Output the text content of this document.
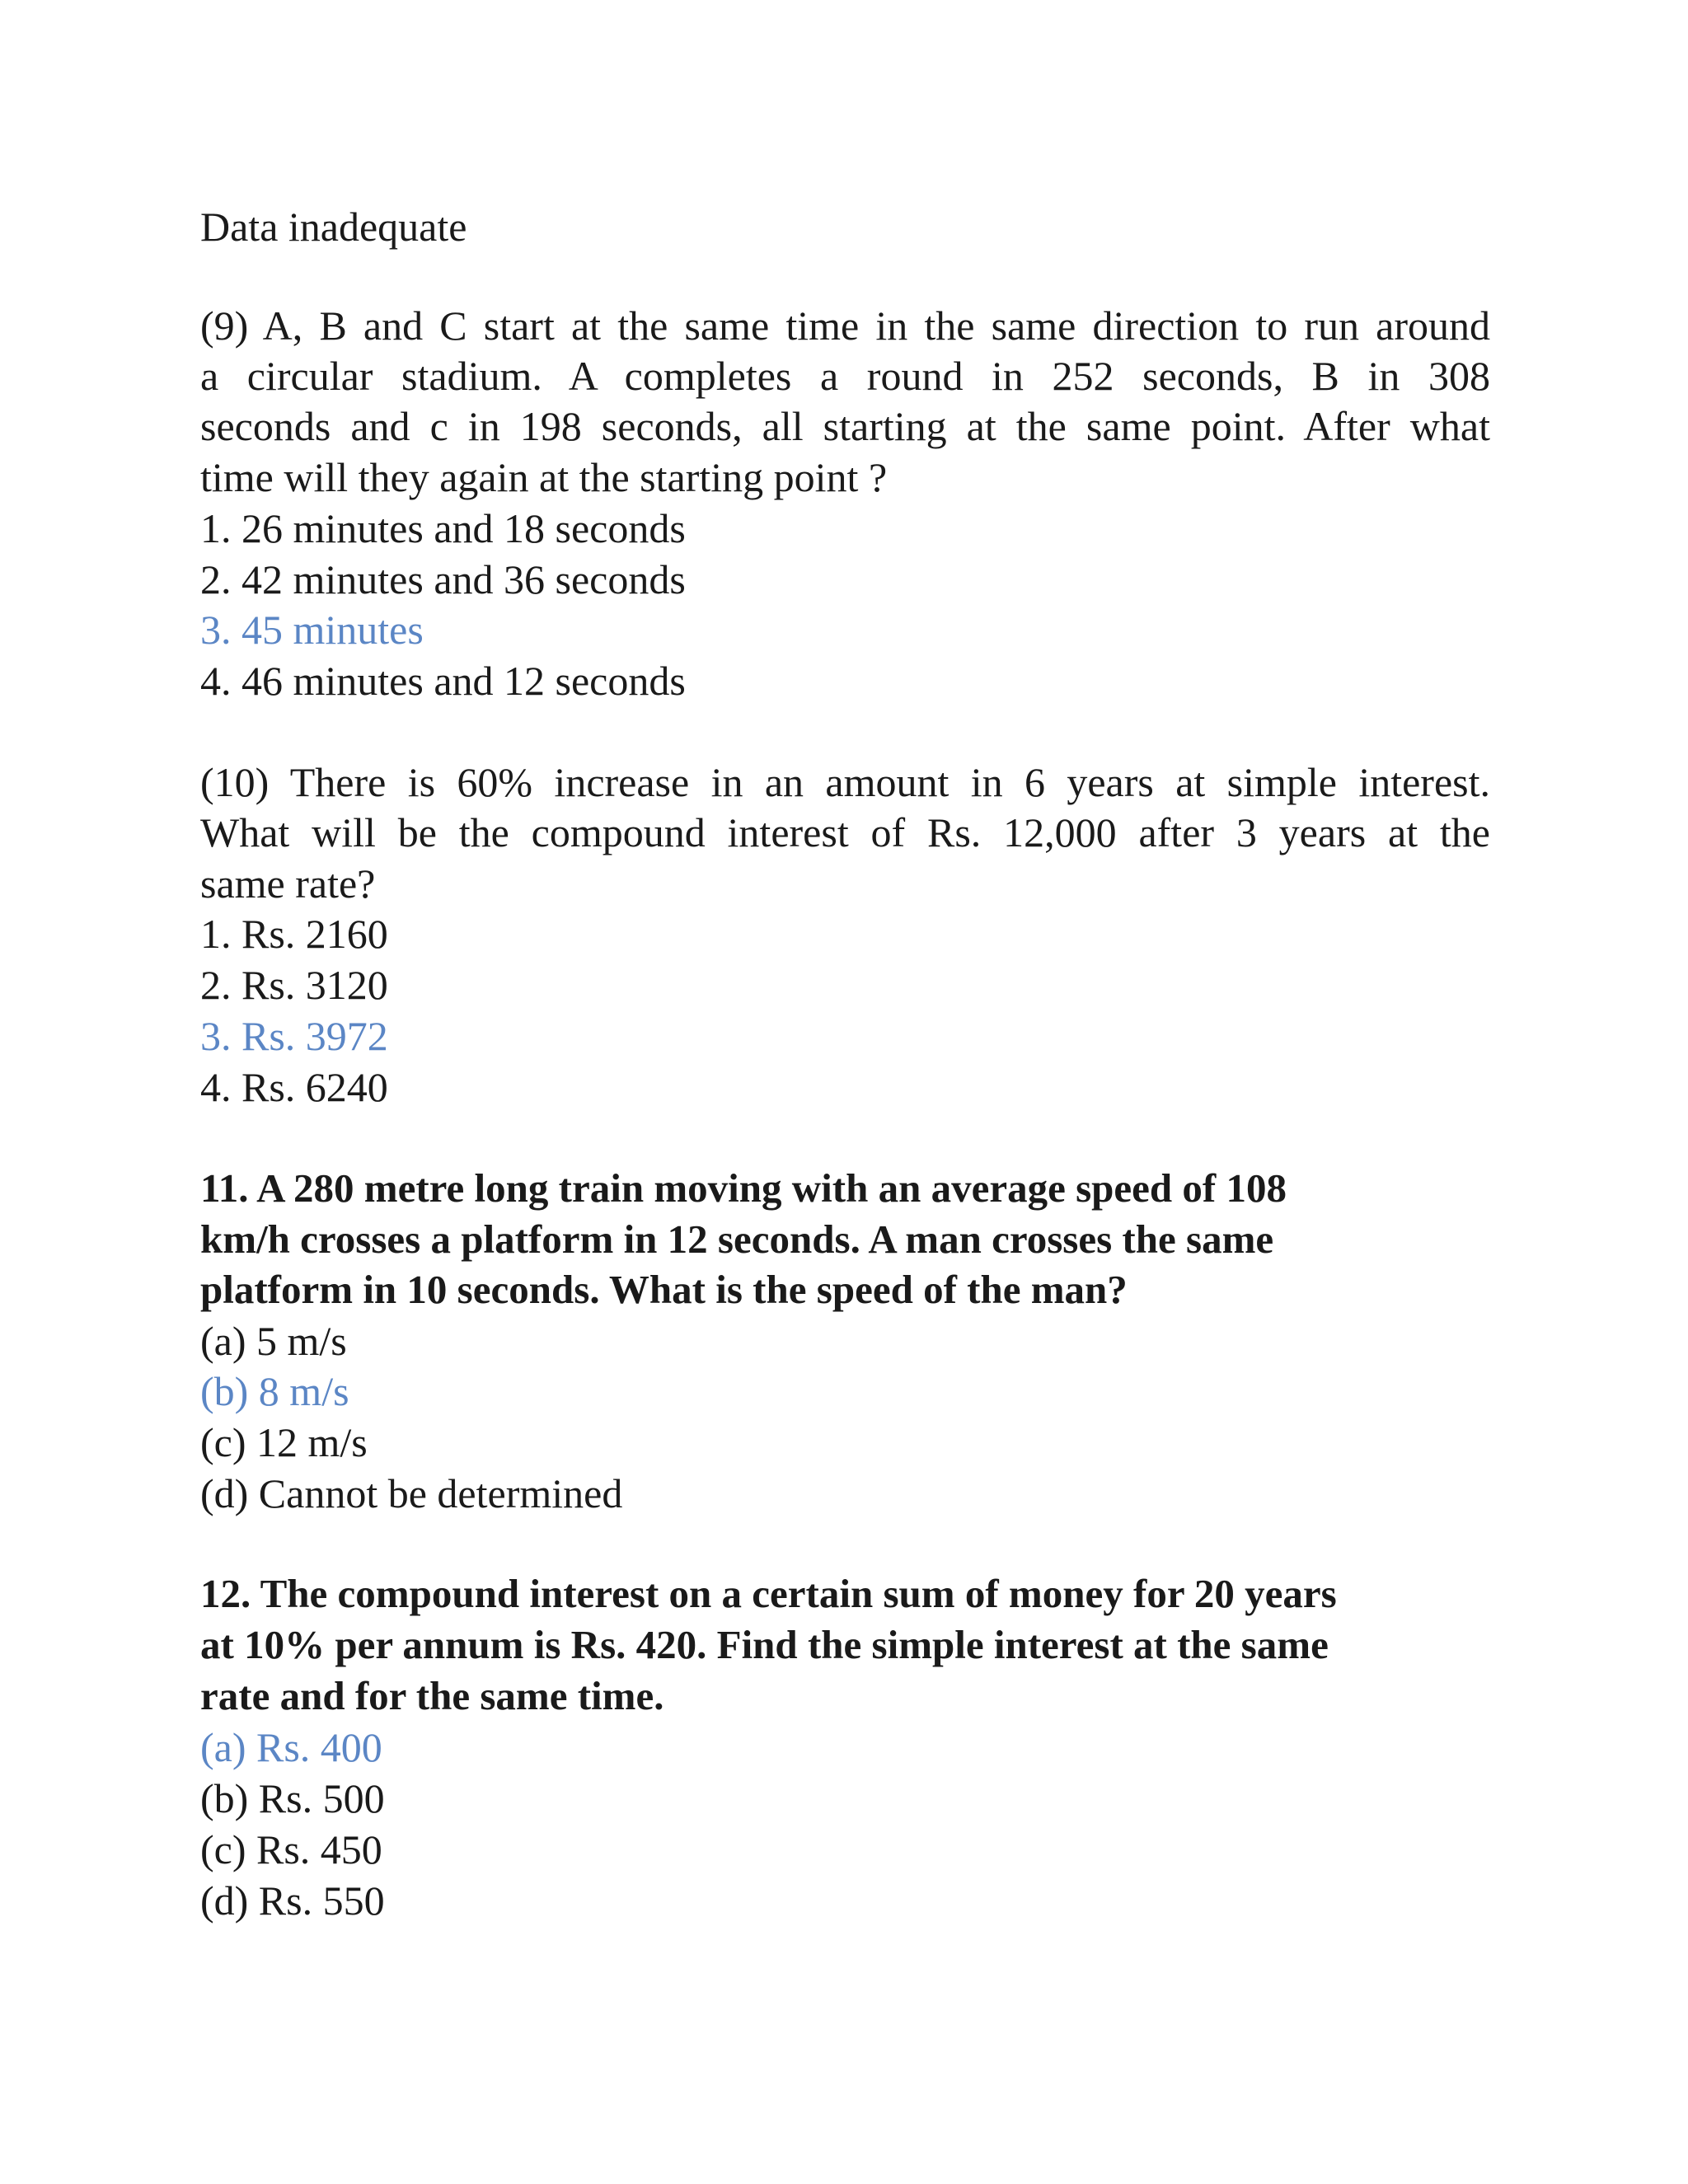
Data inadequate

(9) A, B and C start at the same time in the same direction to run around

a circular stadium. A completes a round in 252 seconds, B in 308

seconds and c in 198 seconds, all starting at the same point. After what

time will they again at the starting point ?

1. 26 minutes and 18 seconds

2. 42 minutes and 36 seconds

3. 45 minutes

4. 46 minutes and 12 seconds

(10) There is 60% increase in an amount in 6 years at simple interest.

What will be the compound interest of Rs. 12,000 after 3 years at the

same rate?

1. Rs. 2160

2. Rs. 3120

3. Rs. 3972

4. Rs. 6240

11. A 280 metre long train moving with an average speed of 108

km/h crosses a platform in 12 seconds. A man crosses the same

platform in 10 seconds. What is the speed of the man?

(a) 5 m/s

(b) 8 m/s

(c) 12 m/s

(d) Cannot be determined

12. The compound interest on a certain sum of money for 20 years

at 10% per annum is Rs. 420. Find the simple interest at the same

rate and for the same time.

(a) Rs. 400

(b) Rs. 500

(c) Rs. 450

(d) Rs. 550
